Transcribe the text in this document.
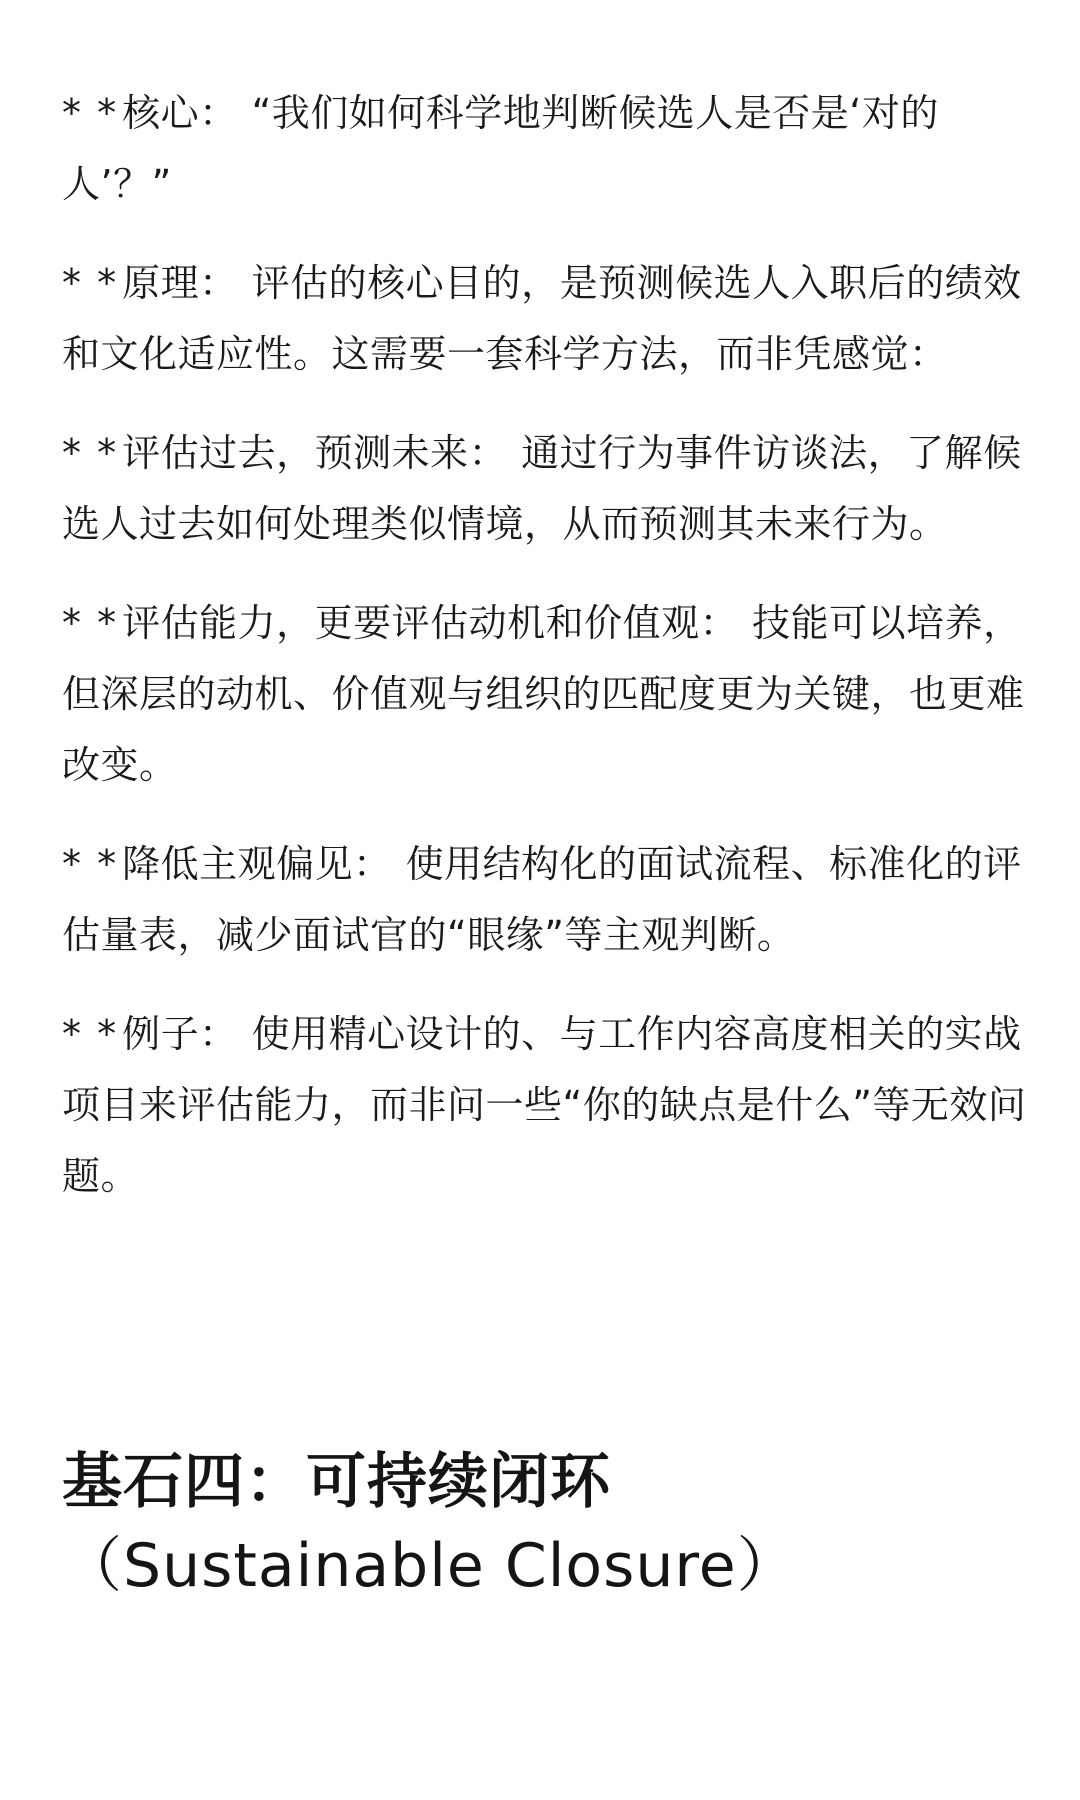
* * 核心： “我们如何科学地判断候选人是否是‘对的人’？”

* * 原理： 评估的核心目的，是预测候选人入职后的绩效和文化适应性。这需要一套科学方法，而非凭感觉：

* * 评估过去，预测未来： 通过行为事件访谈法，了解候选人过去如何处理类似情境，从而预测其未来行为。

* * 评估能力，更要评估动机和价值观： 技能可以培养，但深层的动机、价值观与组织的匹配度更为关键，也更难改变。

* * 降低主观偏见： 使用结构化的面试流程、标准化的评估量表，减少面试官的“眼缘”等主观判断。

* * 例子： 使用精心设计的、与工作内容高度相关的实战项目来评估能力，而非问一些“你的缺点是什么”等无效问题。

基石四：可持续闭环
（Sustainable Closure）
